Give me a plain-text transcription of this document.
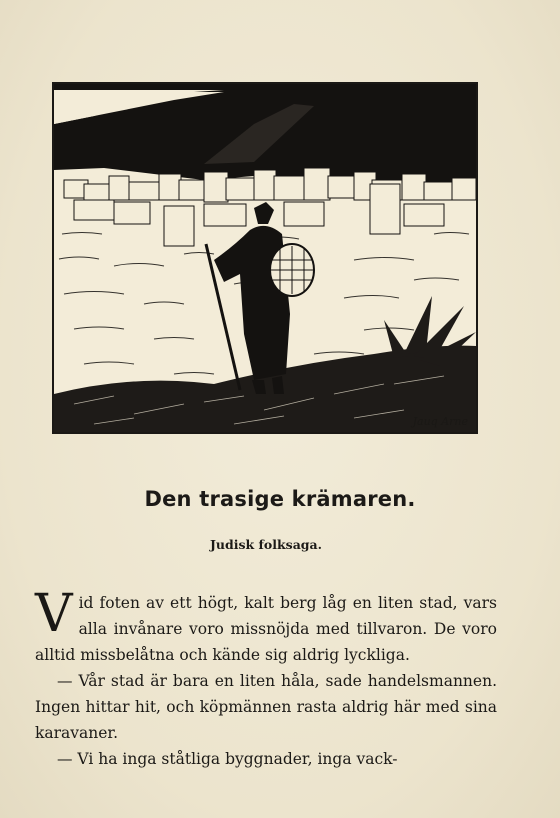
Jauq Arne
Den trasige krämaren.

Judisk folksaga.

Vid foten av ett högt, kalt berg låg en liten stad, vars alla invånare voro missnöjda med tillvaron. De voro alltid missbelåtna och kände sig aldrig lyckliga.

— Vår stad är bara en liten håla, sade handelsmannen. Ingen hittar hit, och köpmännen rasta aldrig här med sina karavaner.

— Vi ha inga ståtliga byggnader, inga vack-
